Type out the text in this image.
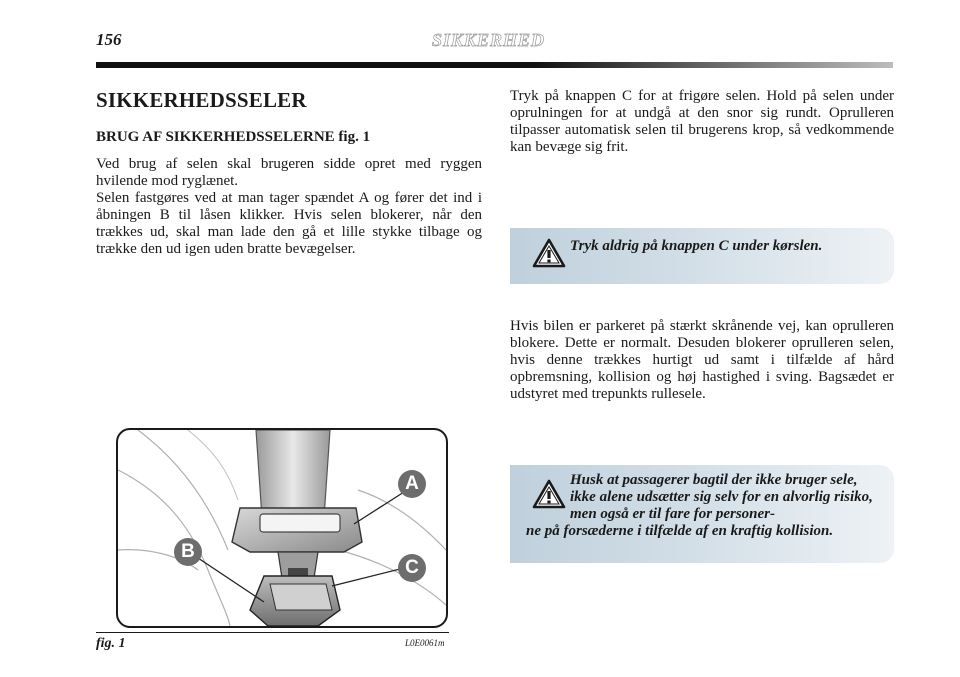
156	SIKKERHED
SIKKERHEDSSELER
BRUG AF SIKKERHEDSSELERNE fig. 1

Ved brug af selen skal brugeren sidde opret med ryggen hvilende mod ryglænet.

Selen fastgøres ved at man tager spændet A og fører det ind i åbningen B til låsen klikker. Hvis selen blokerer, når den trækkes ud, skal man lade den gå et lille stykke tilbage og trække den ud igen uden bratte bevægelser.

Tryk på knappen C for at frigøre selen. Hold på selen under oprulningen for at undgå at den snor sig rundt. Oprulleren tilpasser automatisk selen til brugerens krop, så vedkommende kan bevæge sig frit.

Tryk aldrig på knappen C under kørslen.

Hvis bilen er parkeret på stærkt skrånende vej, kan oprulleren blokere. Dette er normalt. Desuden blokerer oprulleren selen, hvis denne trækkes hurtigt ud samt i tilfælde af hård opbremsning, kollision og høj hastighed i sving. Bagsædet er udstyret med trepunkts rullesele.

Husk at passagerer bagtil der ikke bruger sele, ikke alene udsætter sig selv for en alvorlig risiko, men også er til fare for personer-
ne på forsæderne i tilfælde af en kraftig kollision.

A
B
C
fig. 1	L0E0061m
